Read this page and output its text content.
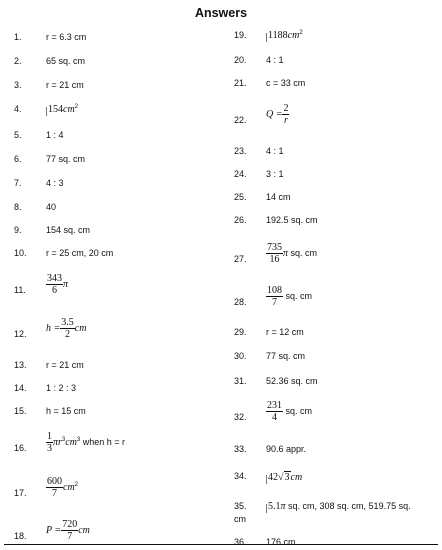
Answers
1.	r = 6.3 cm
2.	65 sq. cm
3.	r = 21 cm
4.	$154cm^2$
5.	1 : 4
6.	77 sq. cm
7.	4 : 3
8.	40
9.	154 sq. cm
10. r = 25 cm, 20 cm
11. $\frac{343}{6}$ π
12.
$h = \frac{3.5}{2}$ cm
13. r = 21 cm
14. 1 : 2 : 3
15. h = 15 cm
16. $\frac{1}{3} \pi r^3cm^3$ when h = r
17. $\frac{600}{7} cm^2$
18.
$P = \frac{720}{7}$ cm
19. $1188cm^2$
20. 4 : 1
21. c = 33 cm
22.
$Q = \frac{2}{r}$
23. 4 : 1
24. 3 : 1
25. 14 cm
26. 192.5 sq. cm
27. $\frac{735}{16}$ π sq. cm
28. $\frac{108}{7}$ sq. cm
29. r = 12 cm
30. 77 sq. cm
31. 52.36 sq. cm
32. $\frac{231}{4}$ sq. cm
33. 90.6 appr.
34. 42√3cm
35. 5.1π sq. cm, 308 sq. cm, 519.75 sq.
cm
36. 176 cm
